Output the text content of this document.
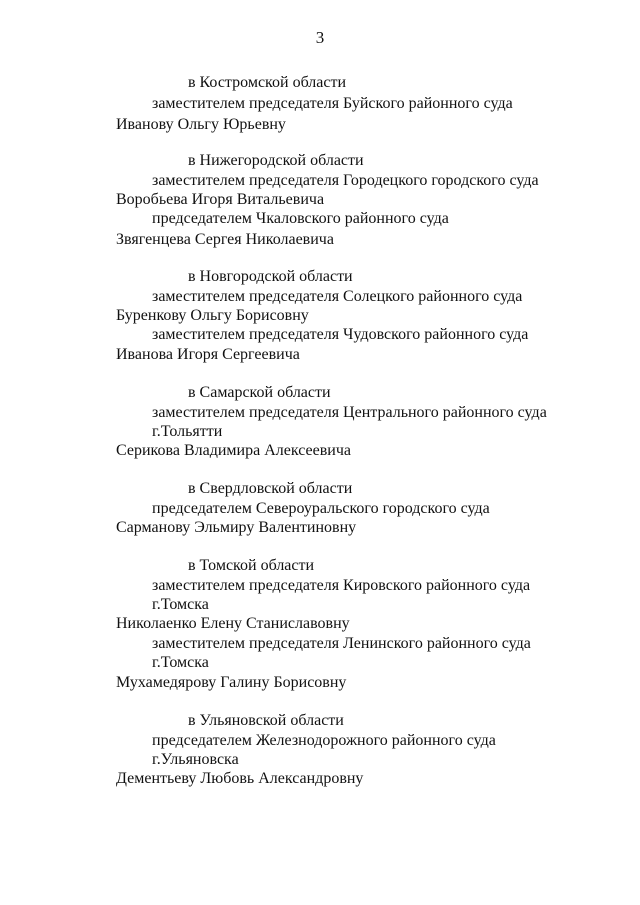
3
в Костромской области
заместителем председателя Буйского районного суда
Иванову Ольгу Юрьевну
в Нижегородской области
заместителем председателя Городецкого городского суда
Воробьева Игоря Витальевича
председателем Чкаловского районного суда
Звягенцева Сергея Николаевича
в Новгородской области
заместителем председателя Солецкого районного суда
Буренкову Ольгу Борисовну
заместителем председателя Чудовского районного суда
Иванова Игоря Сергеевича
в Самарской области
заместителем председателя Центрального районного суда
г.Тольятти
Серикова Владимира Алексеевича
в Свердловской области
председателем Североуральского городского суда
Сарманову Эльмиру Валентиновну
в Томской области
заместителем председателя Кировского районного суда
г.Томска
Николаенко Елену Станиславовну
заместителем председателя Ленинского районного суда
г.Томска
Мухамедярову Галину Борисовну
в Ульяновской области
председателем Железнодорожного районного суда
г.Ульяновска
Дементьеву Любовь Александровну
